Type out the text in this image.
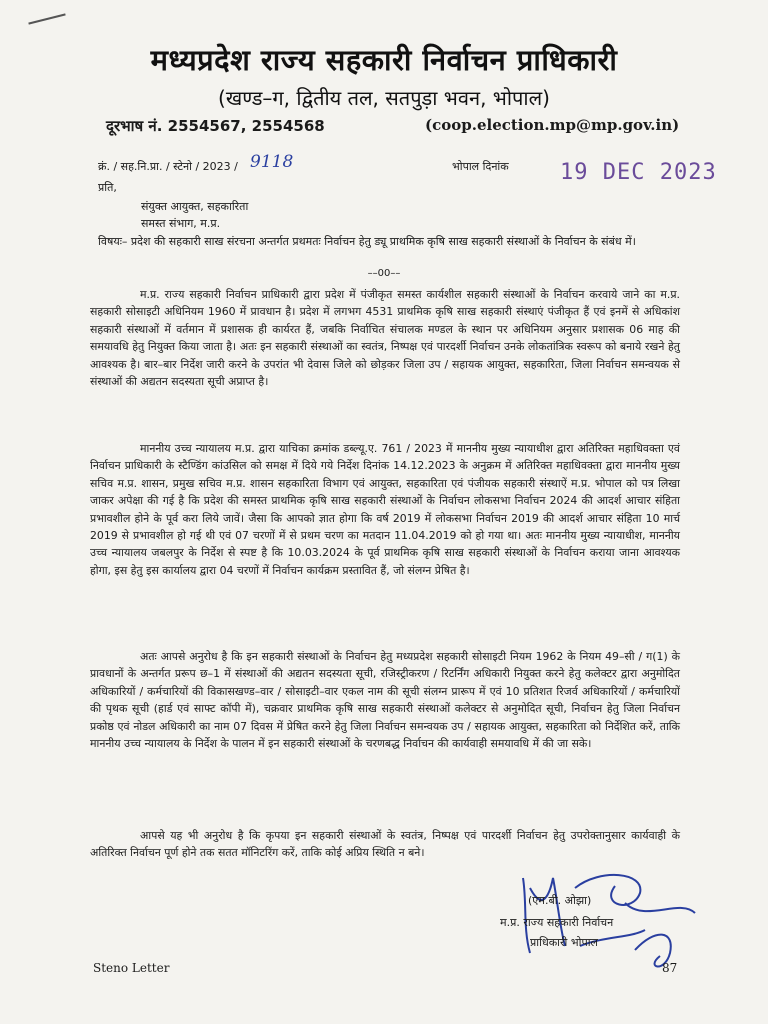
मध्यप्रदेश राज्य सहकारी निर्वाचन प्राधिकारी
(खण्ड–ग, द्वितीय तल, सतपुड़ा भवन, भोपाल)
दूरभाष नं. 2554567, 2554568	(coop.election.mp@mp.gov.in)
क्रं. / सह.नि.प्रा. / स्टेनो / 2023 / 9118	भोपाल दिनांक 19 DEC 2023
प्रति,
संयुक्त आयुक्त, सहकारिता
समस्त संभाग, म.प्र.
विषयः– प्रदेश की सहकारी साख संरचना अन्तर्गत प्रथमतः निर्वाचन हेतु ड्यू प्राथमिक कृषि साख सहकारी संस्थाओं के निर्वाचन के संबंध में।
––00––
म.प्र. राज्य सहकारी निर्वाचन प्राधिकारी द्वारा प्रदेश में पंजीकृत समस्त कार्यशील सहकारी संस्थाओं के निर्वाचन करवाये जाने का म.प्र. सहकारी सोसाइटी अधिनियम 1960 में प्रावधान है। प्रदेश में लगभग 4531 प्राथमिक कृषि साख सहकारी संस्थाएं पंजीकृत हैं एवं इनमें से अधिकांश सहकारी संस्थाओं में वर्तमान में प्रशासक ही कार्यरत हैं, जबकि निर्वाचित संचालक मण्डल के स्थान पर अधिनियम अनुसार प्रशासक 06 माह की समयावधि हेतु नियुक्त किया जाता है। अतः इन सहकारी संस्थाओं का स्वतंत्र, निष्पक्ष एवं पारदर्शी निर्वाचन उनके लोकतांत्रिक स्वरूप को बनाये रखने हेतु आवश्यक है। बार–बार निर्देश जारी करने के उपरांत भी देवास जिले को छोड़कर जिला उप / सहायक आयुक्त, सहकारिता, जिला निर्वाचन समन्वयक से संस्थाओं की अद्यतन सदस्यता सूची अप्राप्त है।
माननीय उच्च न्यायालय म.प्र. द्वारा याचिका क्रमांक डब्ल्यू.ए. 761 / 2023 में माननीय मुख्य न्यायाधीश द्वारा अतिरिक्त महाधिवक्ता एवं निर्वाचन प्राधिकारी के स्टैण्डिंग कांउसिल को समक्ष में दिये गये निर्देश दिनांक 14.12.2023 के अनुक्रम में अतिरिक्त महाधिवक्ता द्वारा माननीय मुख्य सचिव म.प्र. शासन, प्रमुख सचिव म.प्र. शासन सहकारिता विभाग एवं आयुक्त, सहकारिता एवं पंजीयक सहकारी संस्थाऐं म.प्र. भोपाल को पत्र लिखा जाकर अपेक्षा की गई है कि प्रदेश की समस्त प्राथमिक कृषि साख सहकारी संस्थाओं के निर्वाचन लोकसभा निर्वाचन 2024 की आदर्श आचार संहिता प्रभावशील होने के पूर्व करा लिये जावें। जैसा कि आपको ज्ञात होगा कि वर्ष 2019 में लोकसभा निर्वाचन 2019 की आदर्श आचार संहिता 10 मार्च 2019 से प्रभावशील हो गई थी एवं 07 चरणों में से प्रथम चरण का मतदान 11.04.2019 को हो गया था। अतः माननीय मुख्य न्यायाधीश, माननीय उच्च न्यायालय जबलपुर के निर्देश से स्पष्ट है कि 10.03.2024 के पूर्व प्राथमिक कृषि साख सहकारी संस्थाओं के निर्वाचन कराया जाना आवश्यक होगा, इस हेतु इस कार्यालय द्वारा 04 चरणों में निर्वाचन कार्यक्रम प्रस्तावित हैं, जो संलग्न प्रेषित है।
अतः आपसे अनुरोध है कि इन सहकारी संस्थाओं के निर्वाचन हेतु मध्यप्रदेश सहकारी सोसाइटी नियम 1962 के नियम 49–सी / ग(1) के प्रावधानों के अन्तर्गत प्ररूप छ–1 में संस्थाओं की अद्यतन सदस्यता सूची, रजिस्ट्रीकरण / रिटर्निंग अधिकारी नियुक्त करने हेतु कलेक्टर द्वारा अनुमोदित अधिकारियों / कर्मचारियों की विकासखण्ड–वार / सोसाइटी–वार एकल नाम की सूची संलग्न प्रारूप में एवं 10 प्रतिशत रिजर्व अधिकारियों / कर्मचारियों की पृथक सूची (हार्ड एवं साफ्ट कॉपी में), चक्रवार प्राथमिक कृषि साख सहकारी संस्थाओं कलेक्टर से अनुमोदित सूची, निर्वाचन हेतु जिला निर्वाचन प्रकोष्ठ एवं नोडल अधिकारी का नाम 07 दिवस में प्रेषित करने हेतु जिला निर्वाचन समन्वयक उप / सहायक आयुक्त, सहकारिता को निर्देशित करें, ताकि माननीय उच्च न्यायालय के निर्देश के पालन में इन सहकारी संस्थाओं के चरणबद्ध निर्वाचन की कार्यवाही समयावधि में की जा सके।
आपसे यह भी अनुरोध है कि कृपया इन सहकारी संस्थाओं के स्वतंत्र, निष्पक्ष एवं पारदर्शी निर्वाचन हेतु उपरोक्तानुसार कार्यवाही के अतिरिक्त निर्वाचन पूर्ण होने तक सतत मॉनिटरिंग करें, ताकि कोई अप्रिय स्थिति न बने।
(एम.बी. ओझा)
म.प्र. राज्य सहकारी निर्वाचन
प्राधिकारी भोपाल
Steno Letter	87
